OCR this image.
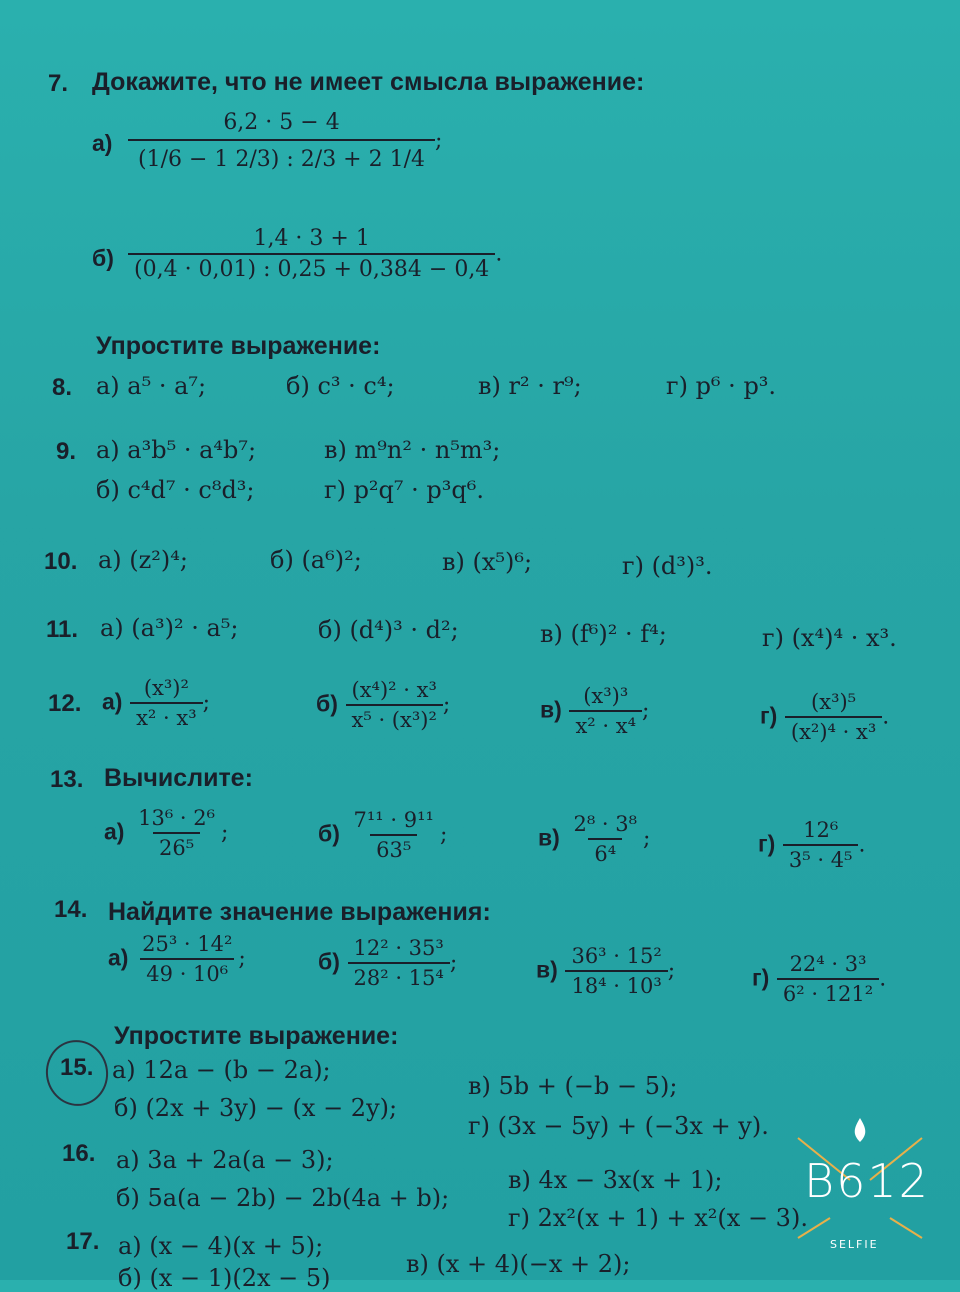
7. Докажите, что не имеет смысла выражение:
$а) \frac{6,2 \cdot 5 - 4}{(1/6 - 1 2/3) : 2/3 + 2 1/4}$ ;
$б) \frac{1,4 \cdot 3 + 1}{(0,4 \cdot 0,01) : 0,25 + 0,384 - 0,4}$ .
Упростите выражение:
8. а) a⁵ · a⁷;	б) c³ · c⁴;	в) r² · r⁹;	г) p⁶ · p³.
9. а) a³b⁵ · a⁴b⁷;	в) m⁹n² · n⁵m³;
б) c⁴d⁷ · c⁸d³;	г) p²q⁷ · p³q⁶.
10. а) (z²)⁴;	б) (a⁶)²;	в) (x⁵)⁶;	г) (d³)³.
11. а) (a³)² · a⁵;	б) (d⁴)³ · d²;	в) (f⁶)² · f⁴;	г) (x⁴)⁴ · x³.
12. $а) \frac{\text{(x³)²}}{\text{x² · x³}}$ ;	$б) \frac{\text{(x⁴)² · x³}}{\text{x⁵ · (x³)²}}$ ;	$в) \frac{\text{(x³)³}}{\text{x² · x⁴}}$ ;	$г) \frac{\text{(x³)⁵}}{\text{(x²)⁴ · x³}}$ .
13. Вычислите:
$а) \frac{\text{13⁶ · 2⁶}}{\text{26⁵}}$ ;	$б) \frac{\text{7¹¹ · 9¹¹}}{\text{63⁵}}$ ;	$в) \frac{\text{2⁸ · 3⁸}}{\text{6⁴}}$ ;	$г) \frac{\text{12⁶}}{\text{3⁵ · 4⁵}}$ .
14. Найдите значение выражения:
$а) \frac{\text{25³ · 14²}}{\text{49 · 10⁶}}$ ;	$б) \frac{\text{12² · 35³}}{\text{28² · 15⁴}}$ ;	$в) \frac{\text{36³ · 15²}}{\text{18⁴ · 10³}}$ ;	$г) \frac{\text{22⁴ · 3³}}{\text{6² · 121²}}$ .
Упростите выражение:
15. а) 12a − (b − 2a);
в) 5b + (−b − 5);
б) (2x + 3y) − (x − 2y);
г) (3x − 5y) + (−3x + y).
16. а) 3a + 2a(a − 3);
в) 4x − 3x(x + 1);
б) 5a(a − 2b) − 2b(4a + b);
г) 2x²(x + 1) + x²(x − 3).
17. а) (x − 4)(x + 5);
в) (x + 4)(−x + 2);
б) (x − 1)(2x − 5)
B612
SELFIE
